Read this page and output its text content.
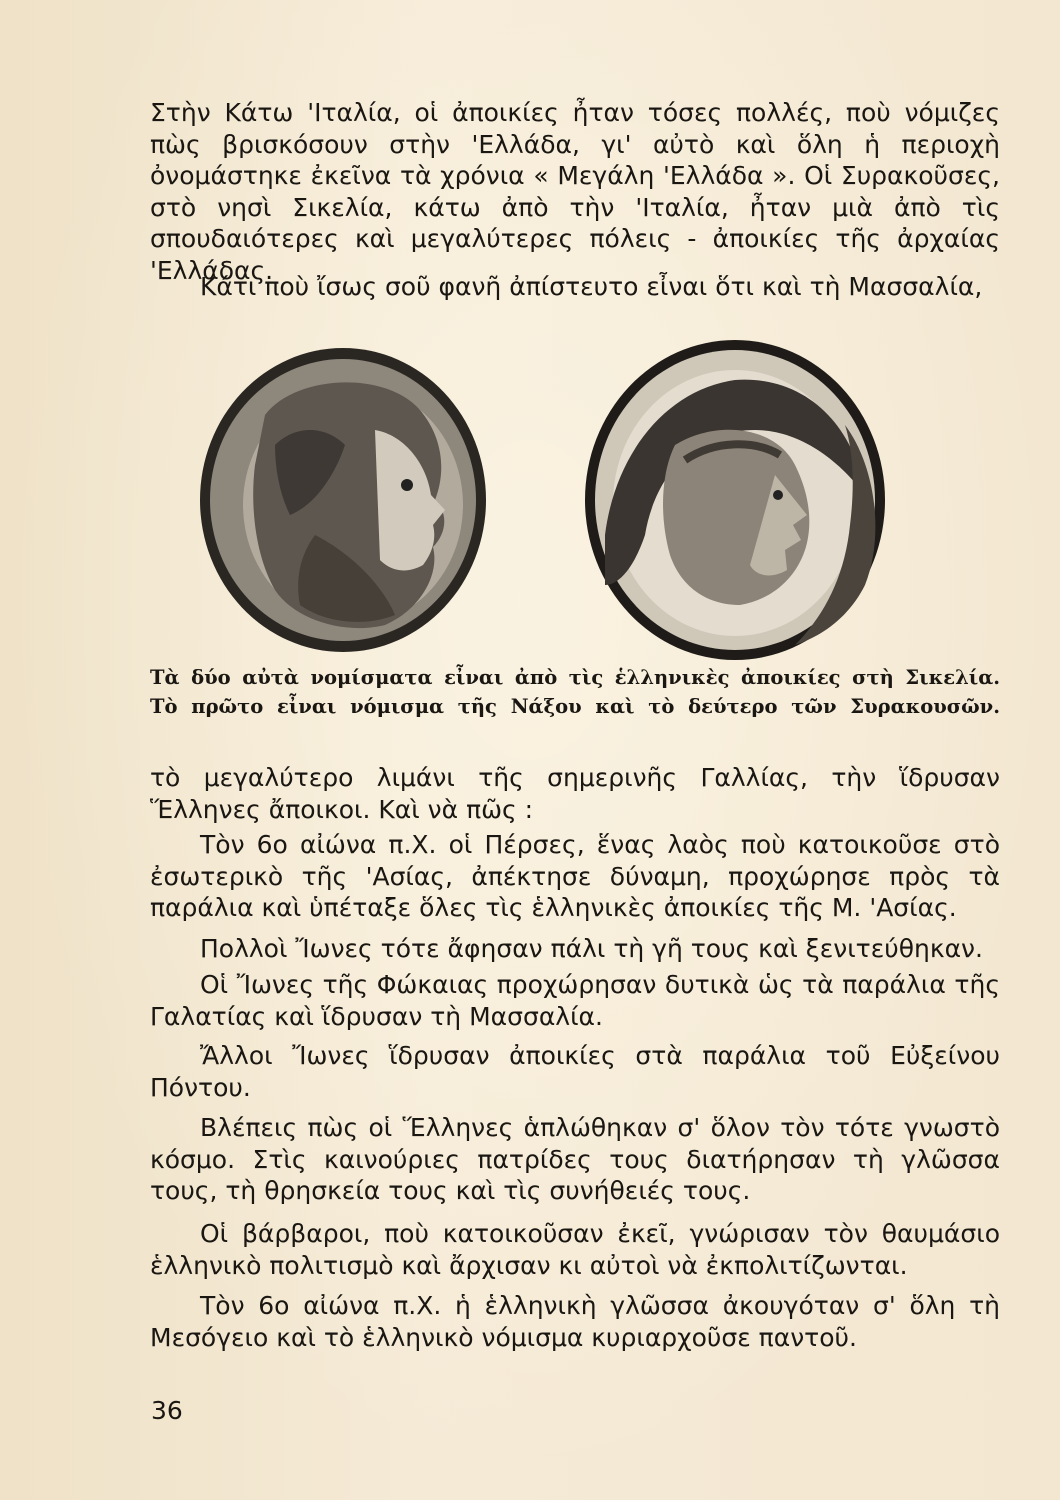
Στὴν Κάτω 'Ιταλία, οἱ ἀποικίες ἦταν τόσες πολλές, ποὺ νόμιζες πὼς βρισκόσουν στὴν 'Ελλάδα, γι' αὐτὸ καὶ ὅλη ἡ περιοχὴ ὀνομάστηκε ἐκεῖνα τὰ χρόνια « Μεγάλη 'Ελλάδα ». Οἱ Συρακοῦσες, στὸ νησὶ Σικελία, κάτω ἀπὸ τὴν 'Ιταλία, ἦταν μιὰ ἀπὸ τὶς σπουδαιότερες καὶ μεγαλύτερες πόλεις - ἀποικίες τῆς ἀρχαίας 'Ελλάδας.

Κάτι ποὺ ἴσως σοῦ φανῆ ἀπίστευτο εἶναι ὅτι καὶ τὴ Μασσαλία,

Τὰ δύο αὐτὰ νομίσματα εἶναι ἀπὸ τὶς ἑλληνικὲς ἀποικίες στὴ Σικελία.

Τὸ πρῶτο εἶναι νόμισμα τῆς Νάξου καὶ τὸ δεύτερο τῶν Συρακουσῶν.

τὸ μεγαλύτερο λιμάνι τῆς σημερινῆς Γαλλίας, τὴν ἵδρυσαν Ἕλληνες ἄποικοι. Καὶ νὰ πῶς :

Τὸν 6ο αἰώνα π.Χ. οἱ Πέρσες, ἕνας λαὸς ποὺ κατοικοῦσε στὸ ἐσωτερικὸ τῆς 'Ασίας, ἀπέκτησε δύναμη, προχώρησε πρὸς τὰ παράλια καὶ ὑπέταξε ὅλες τὶς ἑλληνικὲς ἀποικίες τῆς Μ. 'Ασίας.

Πολλοὶ Ἴωνες τότε ἄφησαν πάλι τὴ γῆ τους καὶ ξενιτεύθηκαν.

Οἱ Ἴωνες τῆς Φώκαιας προχώρησαν δυτικὰ ὡς τὰ παράλια τῆς Γαλατίας καὶ ἵδρυσαν τὴ Μασσαλία.

Ἄλλοι Ἴωνες ἵδρυσαν ἀποικίες στὰ παράλια τοῦ Εὐξείνου Πόντου.

Βλέπεις πὼς οἱ Ἕλληνες ἁπλώθηκαν σ' ὅλον τὸν τότε γνωστὸ κόσμο. Στὶς καινούριες πατρίδες τους διατήρησαν τὴ γλῶσσα τους, τὴ θρησκεία τους καὶ τὶς συνήθειές τους.

Οἱ βάρβαροι, ποὺ κατοικοῦσαν ἐκεῖ, γνώρισαν τὸν θαυμάσιο ἑλληνικὸ πολιτισμὸ καὶ ἄρχισαν κι αὐτοὶ νὰ ἐκπολιτίζωνται.

Τὸν 6ο αἰώνα π.Χ. ἡ ἑλληνικὴ γλῶσσα ἀκουγόταν σ' ὅλη τὴ Μεσόγειο καὶ τὸ ἑλληνικὸ νόμισμα κυριαρχοῦσε παντοῦ.

36
